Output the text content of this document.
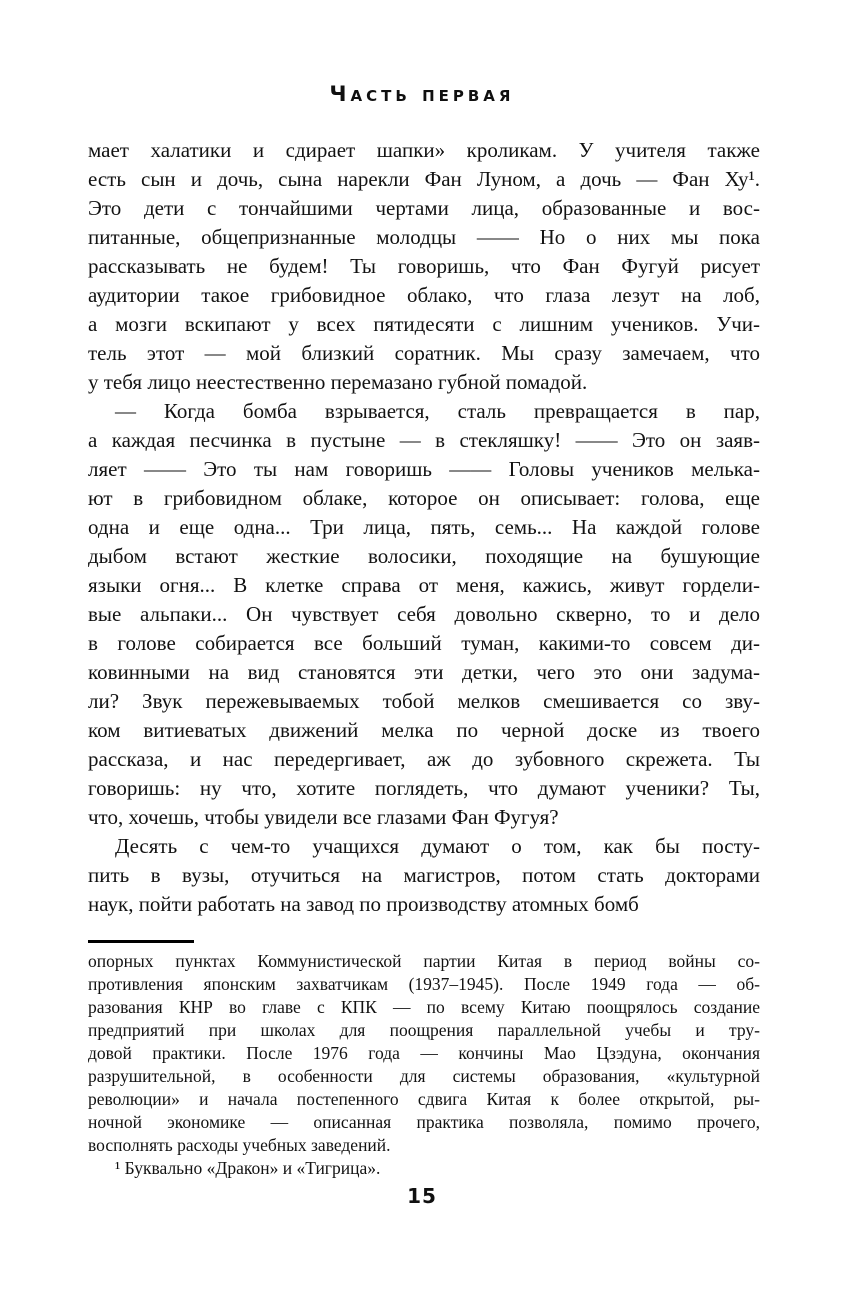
Часть первая
мает халатики и сдирает шапки» кроликам. У учителя также
есть сын и дочь, сына нарекли Фан Луном, а дочь — Фан Ху¹.
Это дети с тончайшими чертами лица, образованные и вос-
питанные, общепризнанные молодцы —— Но о них мы пока
рассказывать не будем! Ты говоришь, что Фан Фугуй рисует
аудитории такое грибовидное облако, что глаза лезут на лоб,
а мозги вскипают у всех пятидесяти с лишним учеников. Учи-
тель этот — мой близкий соратник. Мы сразу замечаем, что
у тебя лицо неестественно перемазано губной помадой.
— Когда бомба взрывается, сталь превращается в пар,
а каждая песчинка в пустыне — в стекляшку! —— Это он заяв-
ляет —— Это ты нам говоришь —— Головы учеников мелька-
ют в грибовидном облаке, которое он описывает: голова, еще
одна и еще одна... Три лица, пять, семь... На каждой голове
дыбом встают жесткие волосики, походящие на бушующие
языки огня... В клетке справа от меня, кажись, живут гордели-
вые альпаки... Он чувствует себя довольно скверно, то и дело
в голове собирается все больший туман, какими-то совсем ди-
ковинными на вид становятся эти детки, чего это они задума-
ли? Звук пережевываемых тобой мелков смешивается со зву-
ком витиеватых движений мелка по черной доске из твоего
рассказа, и нас передергивает, аж до зубовного скрежета. Ты
говоришь: ну что, хотите поглядеть, что думают ученики? Ты,
что, хочешь, чтобы увидели все глазами Фан Фугуя?
Десять с чем-то учащихся думают о том, как бы посту-
пить в вузы, отучиться на магистров, потом стать докторами
наук, пойти работать на завод по производству атомных бомб
опорных пунктах Коммунистической партии Китая в период войны со-
противления японским захватчикам (1937–1945). После 1949 года — об-
разования КНР во главе с КПК — по всему Китаю поощрялось создание
предприятий при школах для поощрения параллельной учебы и тру-
довой практики. После 1976 года — кончины Мао Цзэдуна, окончания
разрушительной, в особенности для системы образования, «культурной
революции» и начала постепенного сдвига Китая к более открытой, ры-
ночной экономике — описанная практика позволяла, помимо прочего,
восполнять расходы учебных заведений.
¹ Буквально «Дракон» и «Тигрица».
15
